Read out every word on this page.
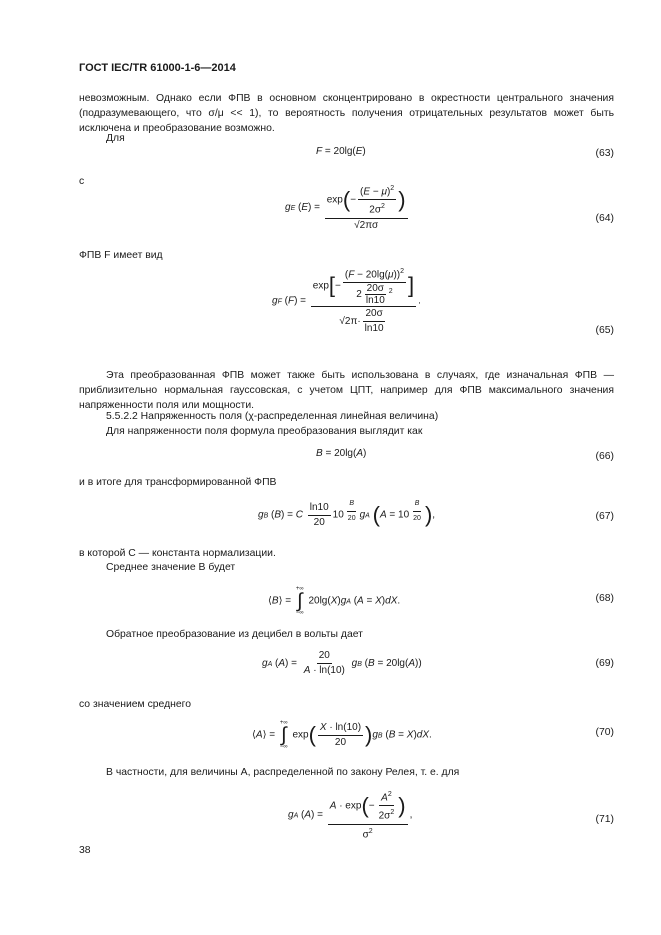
ГОСТ IEC/TR 61000-1-6—2014
невозможным. Однако если ФПВ в основном сконцентрировано в окрестности центрального значения (подразумевающего, что σ/μ << 1), то вероятность получения отрицательных результатов может быть исключена и преобразование возможно.
Для
F = 20lg(E)	(63)
с
gE $(E) = \frac{\exp(- \frac{(E - \mu)^2}{2\sigma^2} )}{√2\pi\sigma}$	(64)
ФПВ F имеет вид
gF $(F) = \frac{\exp[- \frac{(F - 20\lg(\mu))^2}{2 \frac{20\sigma}{\ln 10} ^2} ]}{√2\pi\cdot \frac{20\sigma}{\ln 10}}$ .
(65)
Эта преобразованная ФПВ может также быть использована в случаях, где изначальная ФПВ — приблизительно нормальная гауссовская, с учетом ЦПТ, например для ФПВ максимального значения напряженности поля или мощности.
5.5.2.2 Напряженность поля (χ-распределенная линейная величина)
Для напряженности поля формула преобразования выглядит как
B = 20lg(A)	(66)
и в итоге для трансформированной ФПВ
gB (B) = C $\frac{\ln 10}{20} 10$ $^{\frac{B}{20}}$ gA (A = 10 $^{\frac{B}{20}}$ ),	(67)
в которой C — константа нормализации.
Среднее значение B будет
⟨B⟩ =
+∞
∫
−∞
20lg(X)gA (A = X)dX.	(68)
Обратное преобразование из децибел в вольты дает
gA $(A) = \frac{20}{A \cdot \ln(10)}$ gB (B = 20lg(A))	(69)
со значением среднего
⟨A⟩ =
+∞
∫
−∞
$\exp( \frac{X \cdot \ln(10)}{20} )gB$ (B = X)dX.	(70)
В частности, для величины A, распределенной по закону Релея, т. е. для
gA $(A) = \frac{A \cdot \exp(- \frac{A^2}{2\sigma^2} )}{\sigma^2}$ ,	(71)
38
